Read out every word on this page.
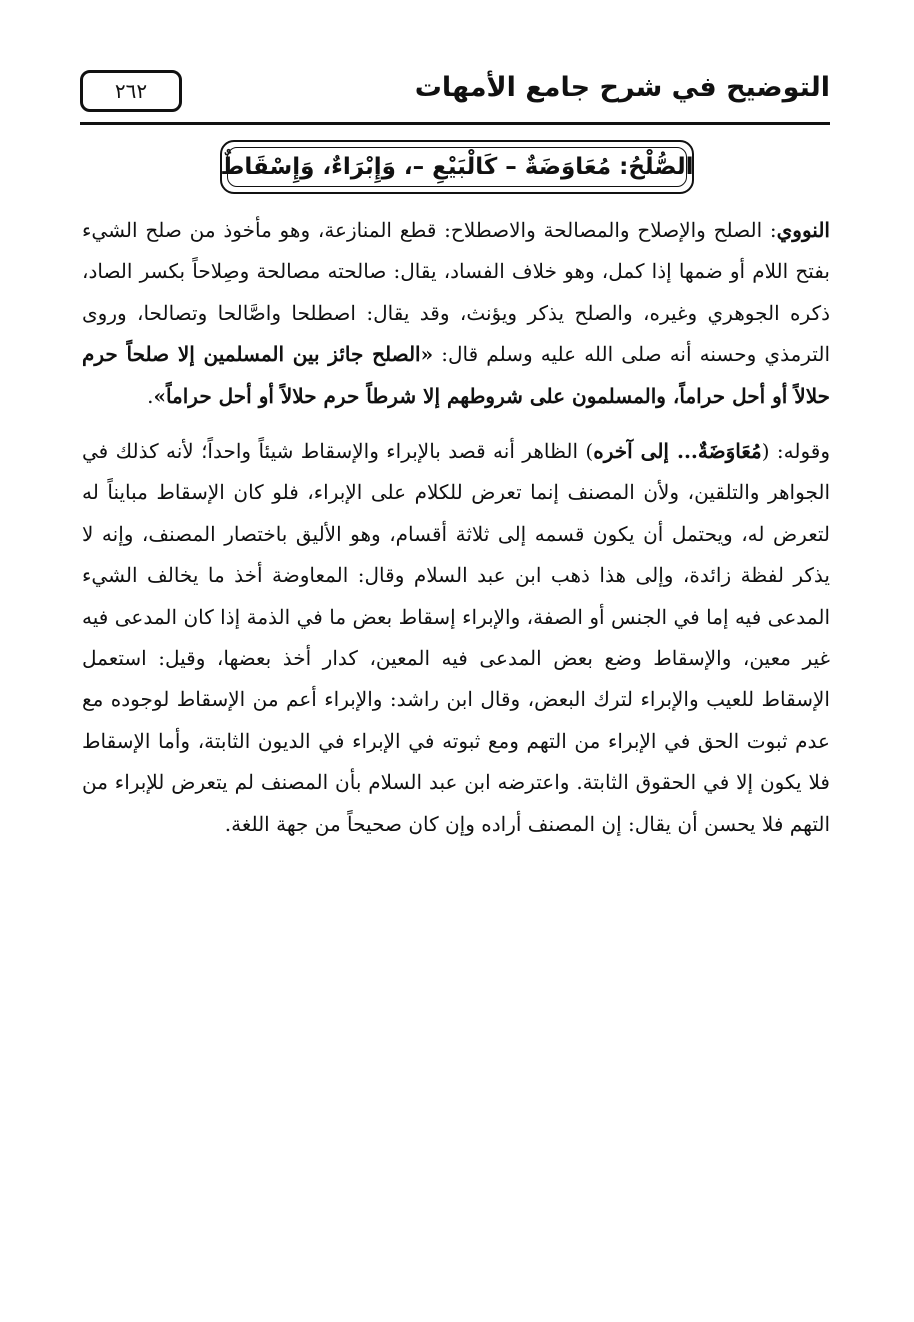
٢٦٢	التوضيح في شرح جامع الأمهات
الصُّلْحُ: مُعَاوَضَةٌ – كَالْبَيْعِ –، وَإِبْرَاءٌ، وَإِسْقَاطٌ

النووي: الصلح والإصلاح والمصالحة والاصطلاح: قطع المنازعة، وهو مأخوذ من صلح الشيء بفتح اللام أو ضمها إذا كمل، وهو خلاف الفساد، يقال: صالحته مصالحة وصِلاحاً بكسر الصاد، ذكره الجوهري وغيره، والصلح يذكر ويؤنث، وقد يقال: اصطلحا واصَّالحا وتصالحا، وروى الترمذي وحسنه أنه صلى الله عليه وسلم قال: «الصلح جائز بين المسلمين إلا صلحاً حرم حلالاً أو أحل حراماً، والمسلمون على شروطهم إلا شرطاً حرم حلالاً أو أحل حراماً».

وقوله: (مُعَاوَضَةٌ... إلى آخره) الظاهر أنه قصد بالإبراء والإسقاط شيئاً واحداً؛ لأنه كذلك في الجواهر والتلقين، ولأن المصنف إنما تعرض للكلام على الإبراء، فلو كان الإسقاط مبايناً له لتعرض له، ويحتمل أن يكون قسمه إلى ثلاثة أقسام، وهو الأليق باختصار المصنف، وإنه لا يذكر لفظة زائدة، وإلى هذا ذهب ابن عبد السلام وقال: المعاوضة أخذ ما يخالف الشيء المدعى فيه إما في الجنس أو الصفة، والإبراء إسقاط بعض ما في الذمة إذا كان المدعى فيه غير معين، والإسقاط وضع بعض المدعى فيه المعين، كدار أخذ بعضها، وقيل: استعمل الإسقاط للعيب والإبراء لترك البعض، وقال ابن راشد: والإبراء أعم من الإسقاط لوجوده مع عدم ثبوت الحق في الإبراء من التهم ومع ثبوته في الإبراء في الديون الثابتة، وأما الإسقاط فلا يكون إلا في الحقوق الثابتة. واعترضه ابن عبد السلام بأن المصنف لم يتعرض للإبراء من التهم فلا يحسن أن يقال: إن المصنف أراده وإن كان صحيحاً من جهة اللغة.
